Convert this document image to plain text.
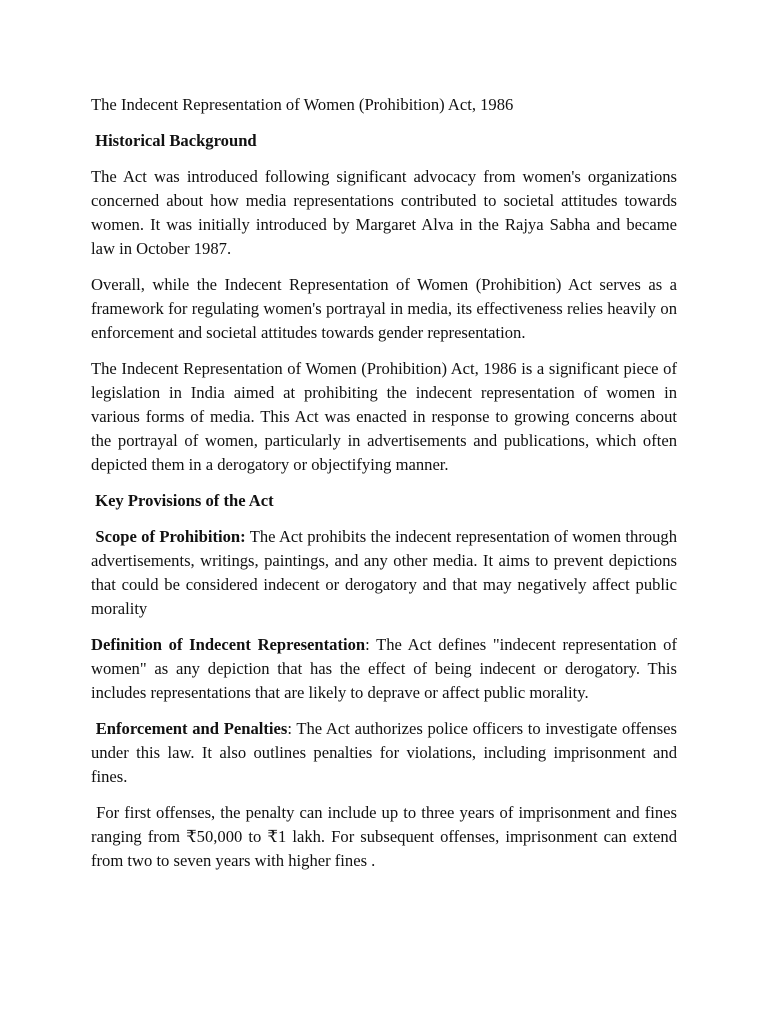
The Indecent Representation of Women (Prohibition) Act, 1986

Historical Background

The Act was introduced following significant advocacy from women's organizations concerned about how media representations contributed to societal attitudes towards women. It was initially introduced by Margaret Alva in the Rajya Sabha and became law in October 1987.

Overall, while the Indecent Representation of Women (Prohibition) Act serves as a framework for regulating women's portrayal in media, its effectiveness relies heavily on enforcement and societal attitudes towards gender representation.

The Indecent Representation of Women (Prohibition) Act, 1986 is a significant piece of legislation in India aimed at prohibiting the indecent representation of women in various forms of media. This Act was enacted in response to growing concerns about the portrayal of women, particularly in advertisements and publications, which often depicted them in a derogatory or objectifying manner.

Key Provisions of the Act

Scope of Prohibition: The Act prohibits the indecent representation of women through advertisements, writings, paintings, and any other media. It aims to prevent depictions that could be considered indecent or derogatory and that may negatively affect public morality

Definition of Indecent Representation: The Act defines "indecent representation of women" as any depiction that has the effect of being indecent or derogatory. This includes representations that are likely to deprave or affect public morality.

Enforcement and Penalties: The Act authorizes police officers to investigate offenses under this law. It also outlines penalties for violations, including imprisonment and fines.

For first offenses, the penalty can include up to three years of imprisonment and fines ranging from ₹50,000 to ₹1 lakh. For subsequent offenses, imprisonment can extend from two to seven years with higher fines .
